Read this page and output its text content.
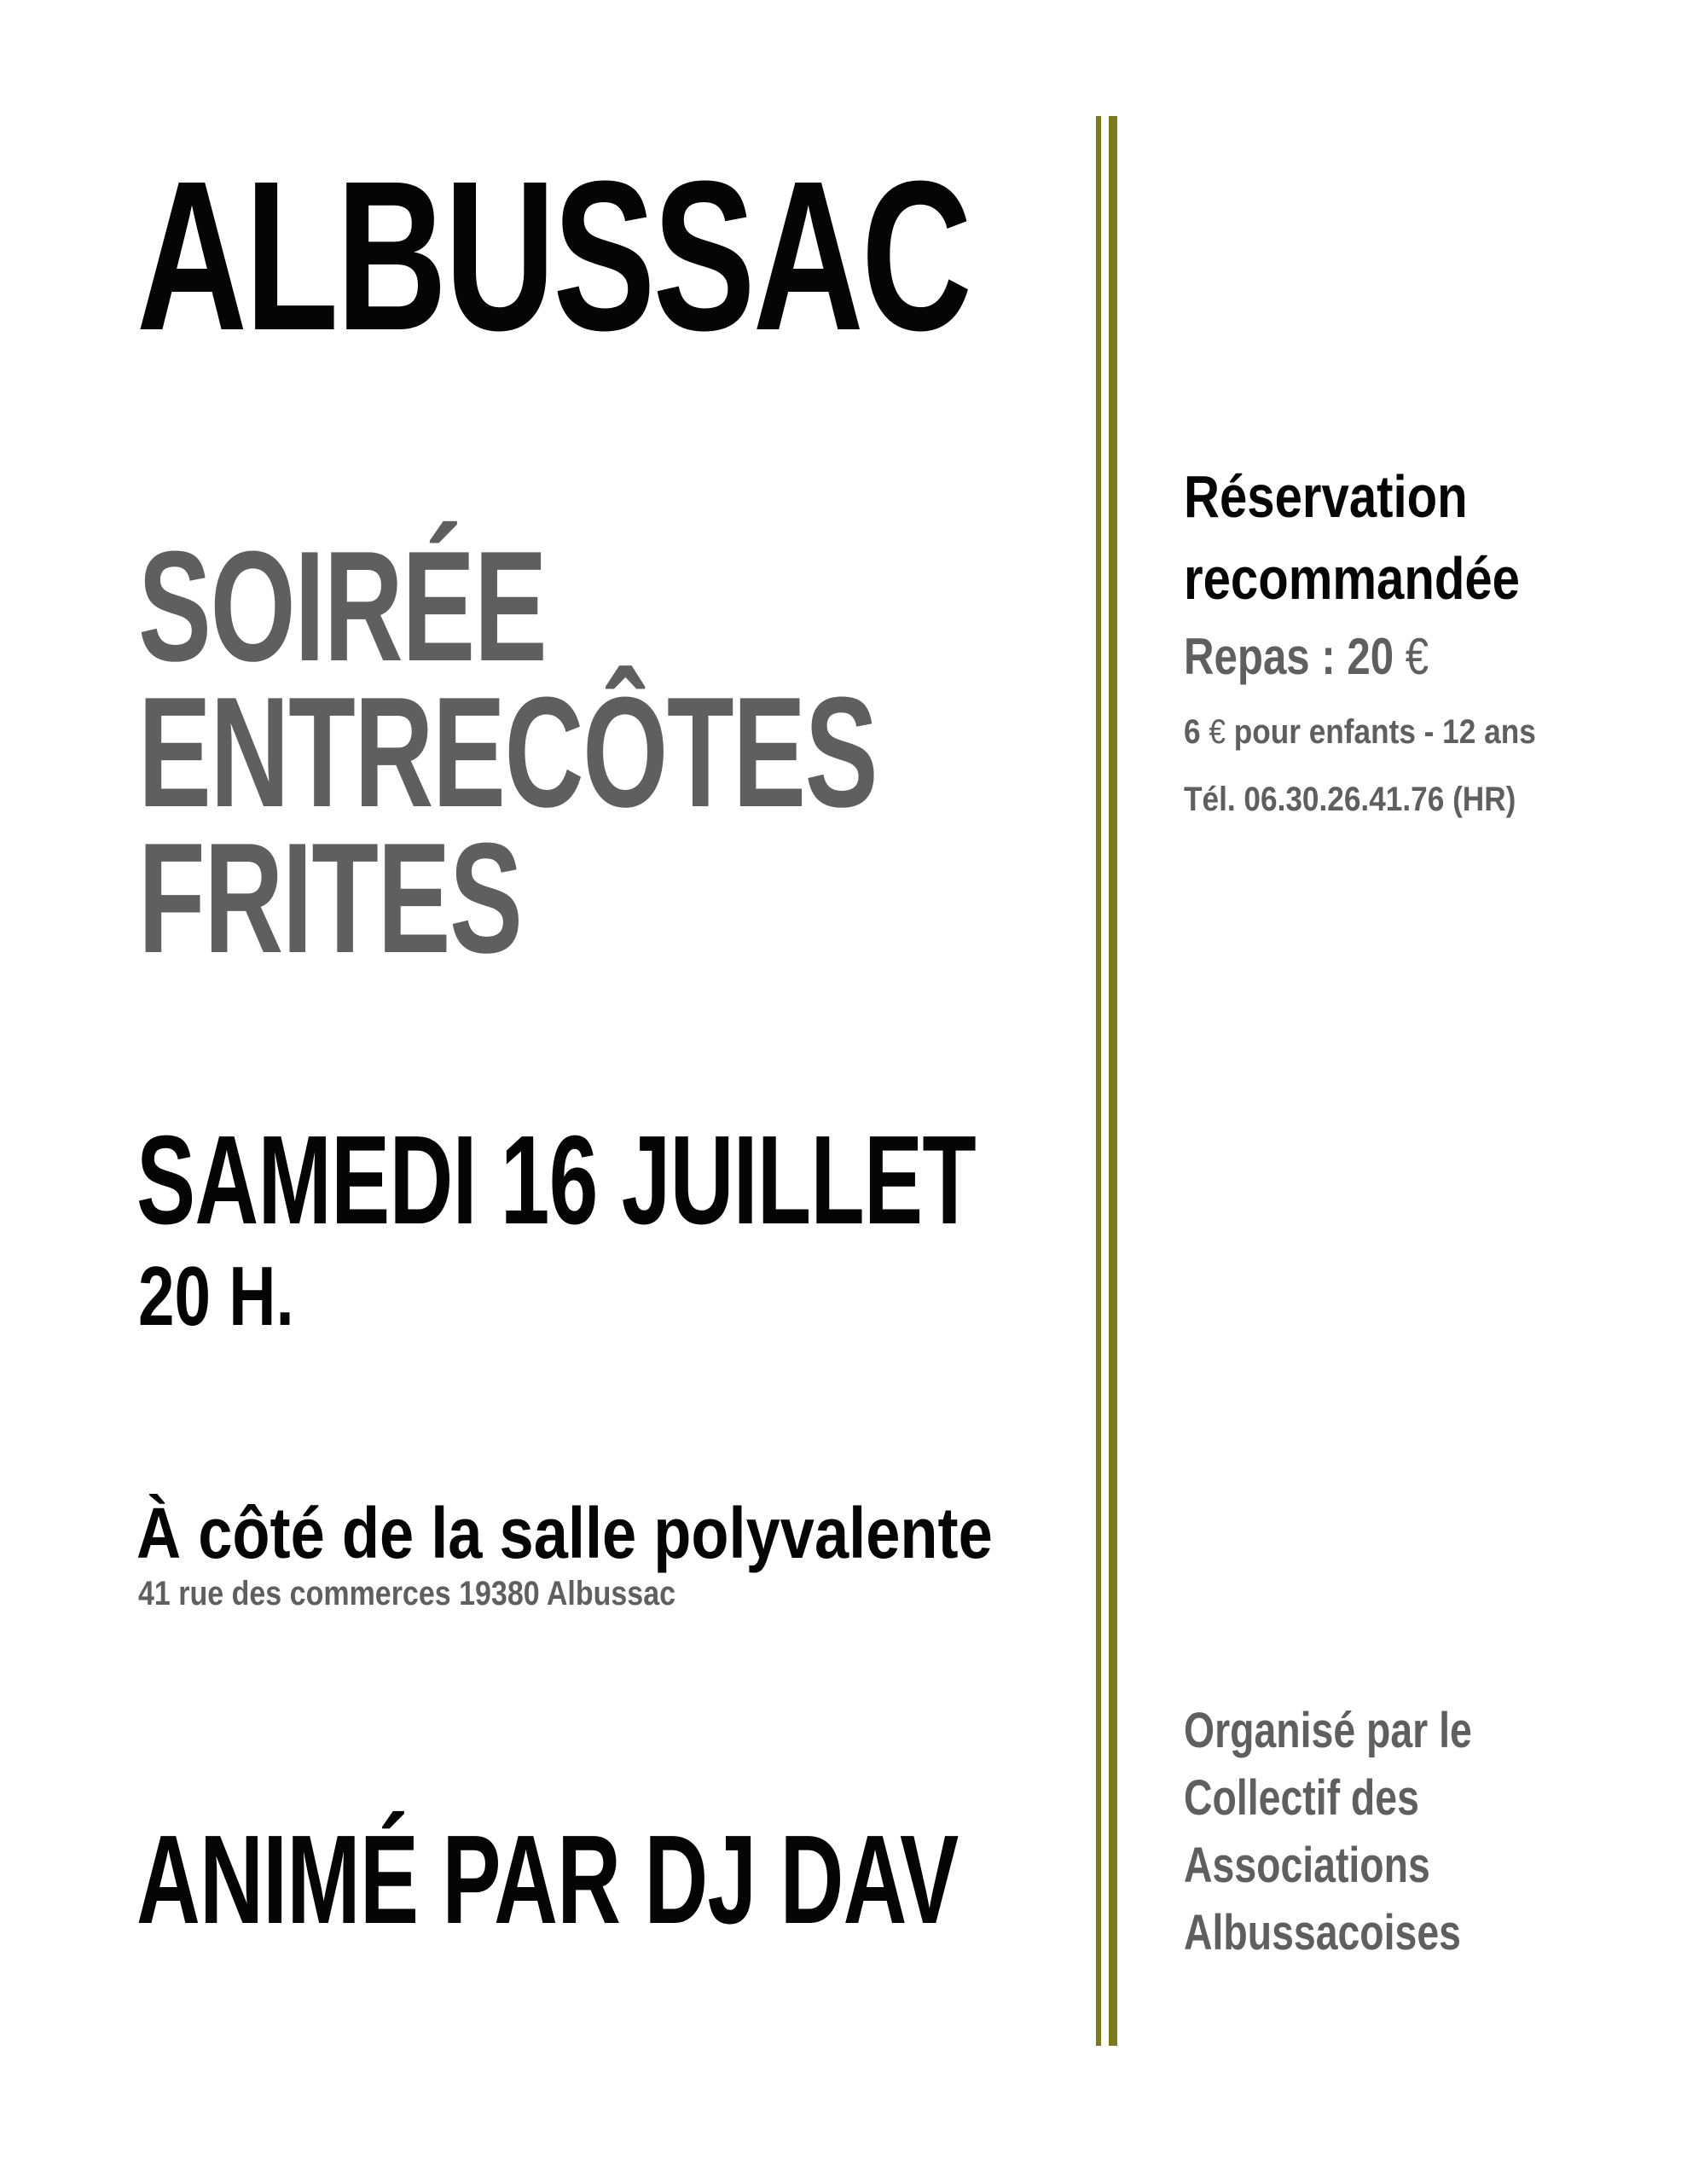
ALBUSSAC
SOIRÉE
ENTRECÔTES
FRITES
SAMEDI 16 JUILLET
20 H.
À côté de la salle polyvalente
41 rue des commerces 19380 Albussac
ANIMÉ PAR DJ DAV
Réservation
recommandée
Repas : 20 €
6 € pour enfants - 12 ans
Tél. 06.30.26.41.76 (HR)
Organisé par le
Collectif des
Associations
Albussacoises
